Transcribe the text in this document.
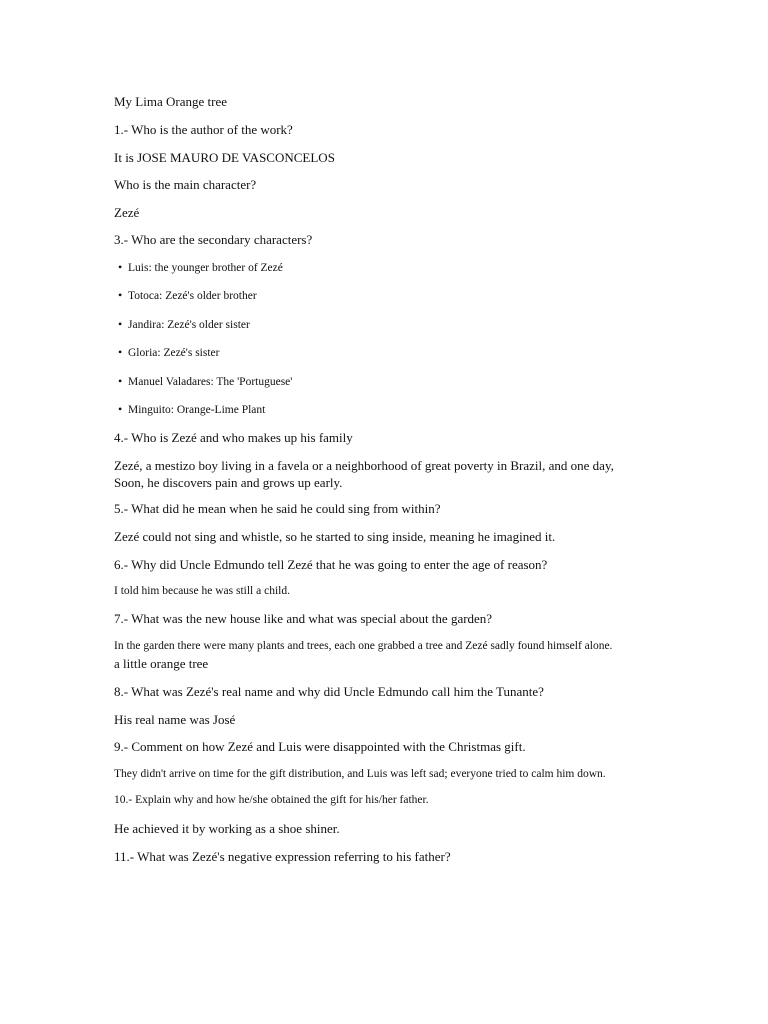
My Lima Orange tree
1.- Who is the author of the work?
It is JOSE MAURO DE VASCONCELOS
Who is the main character?
Zezé
3.- Who are the secondary characters?
• Luis: the younger brother of Zezé
• Totoca: Zezé's older brother
• Jandira: Zezé's older sister
• Gloria: Zezé's sister
• Manuel Valadares: The 'Portuguese'
• Minguito: Orange-Lime Plant
4.- Who is Zezé and who makes up his family
Zezé, a mestizo boy living in a favela or a neighborhood of great poverty in Brazil, and one day,
Soon, he discovers pain and grows up early.
5.- What did he mean when he said he could sing from within?
Zezé could not sing and whistle, so he started to sing inside, meaning he imagined it.
6.- Why did Uncle Edmundo tell Zezé that he was going to enter the age of reason?
I told him because he was still a child.
7.- What was the new house like and what was special about the garden?
In the garden there were many plants and trees, each one grabbed a tree and Zezé sadly found himself alone.
a little orange tree
8.- What was Zezé's real name and why did Uncle Edmundo call him the Tunante?
His real name was José
9.- Comment on how Zezé and Luis were disappointed with the Christmas gift.
They didn't arrive on time for the gift distribution, and Luis was left sad; everyone tried to calm him down.
10.- Explain why and how he/she obtained the gift for his/her father.
He achieved it by working as a shoe shiner.
11.- What was Zezé's negative expression referring to his father?
